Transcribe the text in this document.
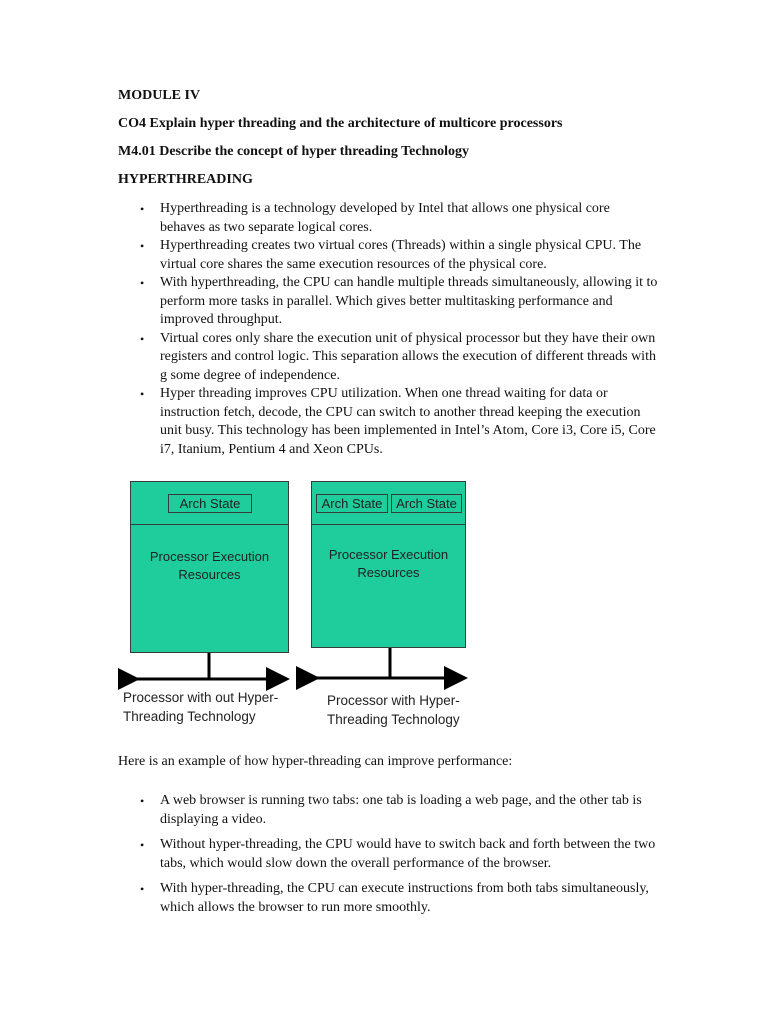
MODULE IV
CO4 Explain hyper threading and the architecture of multicore processors
M4.01 Describe the concept of hyper threading Technology
HYPERTHREADING
• Hyperthreading is a technology developed by Intel that allows one physical core behaves as two separate logical cores.
• Hyperthreading creates two virtual cores (Threads) within a single physical CPU. The virtual core shares the same execution resources of the physical core.
• With hyperthreading, the CPU can handle multiple threads simultaneously, allowing it to perform more tasks in parallel. Which gives better multitasking performance and improved throughput.
• Virtual cores only share the execution unit of physical processor but they have their own registers and control logic. This separation allows the execution of different threads with g some degree of independence.
• Hyper threading improves CPU utilization. When one thread waiting for data or instruction fetch, decode, the CPU can switch to another thread keeping the execution unit busy. This technology has been implemented in Intel’s Atom, Core i3, Core i5, Core i7, Itanium, Pentium 4 and Xeon CPUs.
Arch State
Processor Execution
Resources
Arch State	Arch State
Processor Execution
Resources
Processor with out Hyper-
Threading Technology
Processor with Hyper-
Threading Technology
Here is an example of how hyper-threading can improve performance:
• A web browser is running two tabs: one tab is loading a web page, and the other tab is displaying a video.
• Without hyper-threading, the CPU would have to switch back and forth between the two tabs, which would slow down the overall performance of the browser.
• With hyper-threading, the CPU can execute instructions from both tabs simultaneously, which allows the browser to run more smoothly.
